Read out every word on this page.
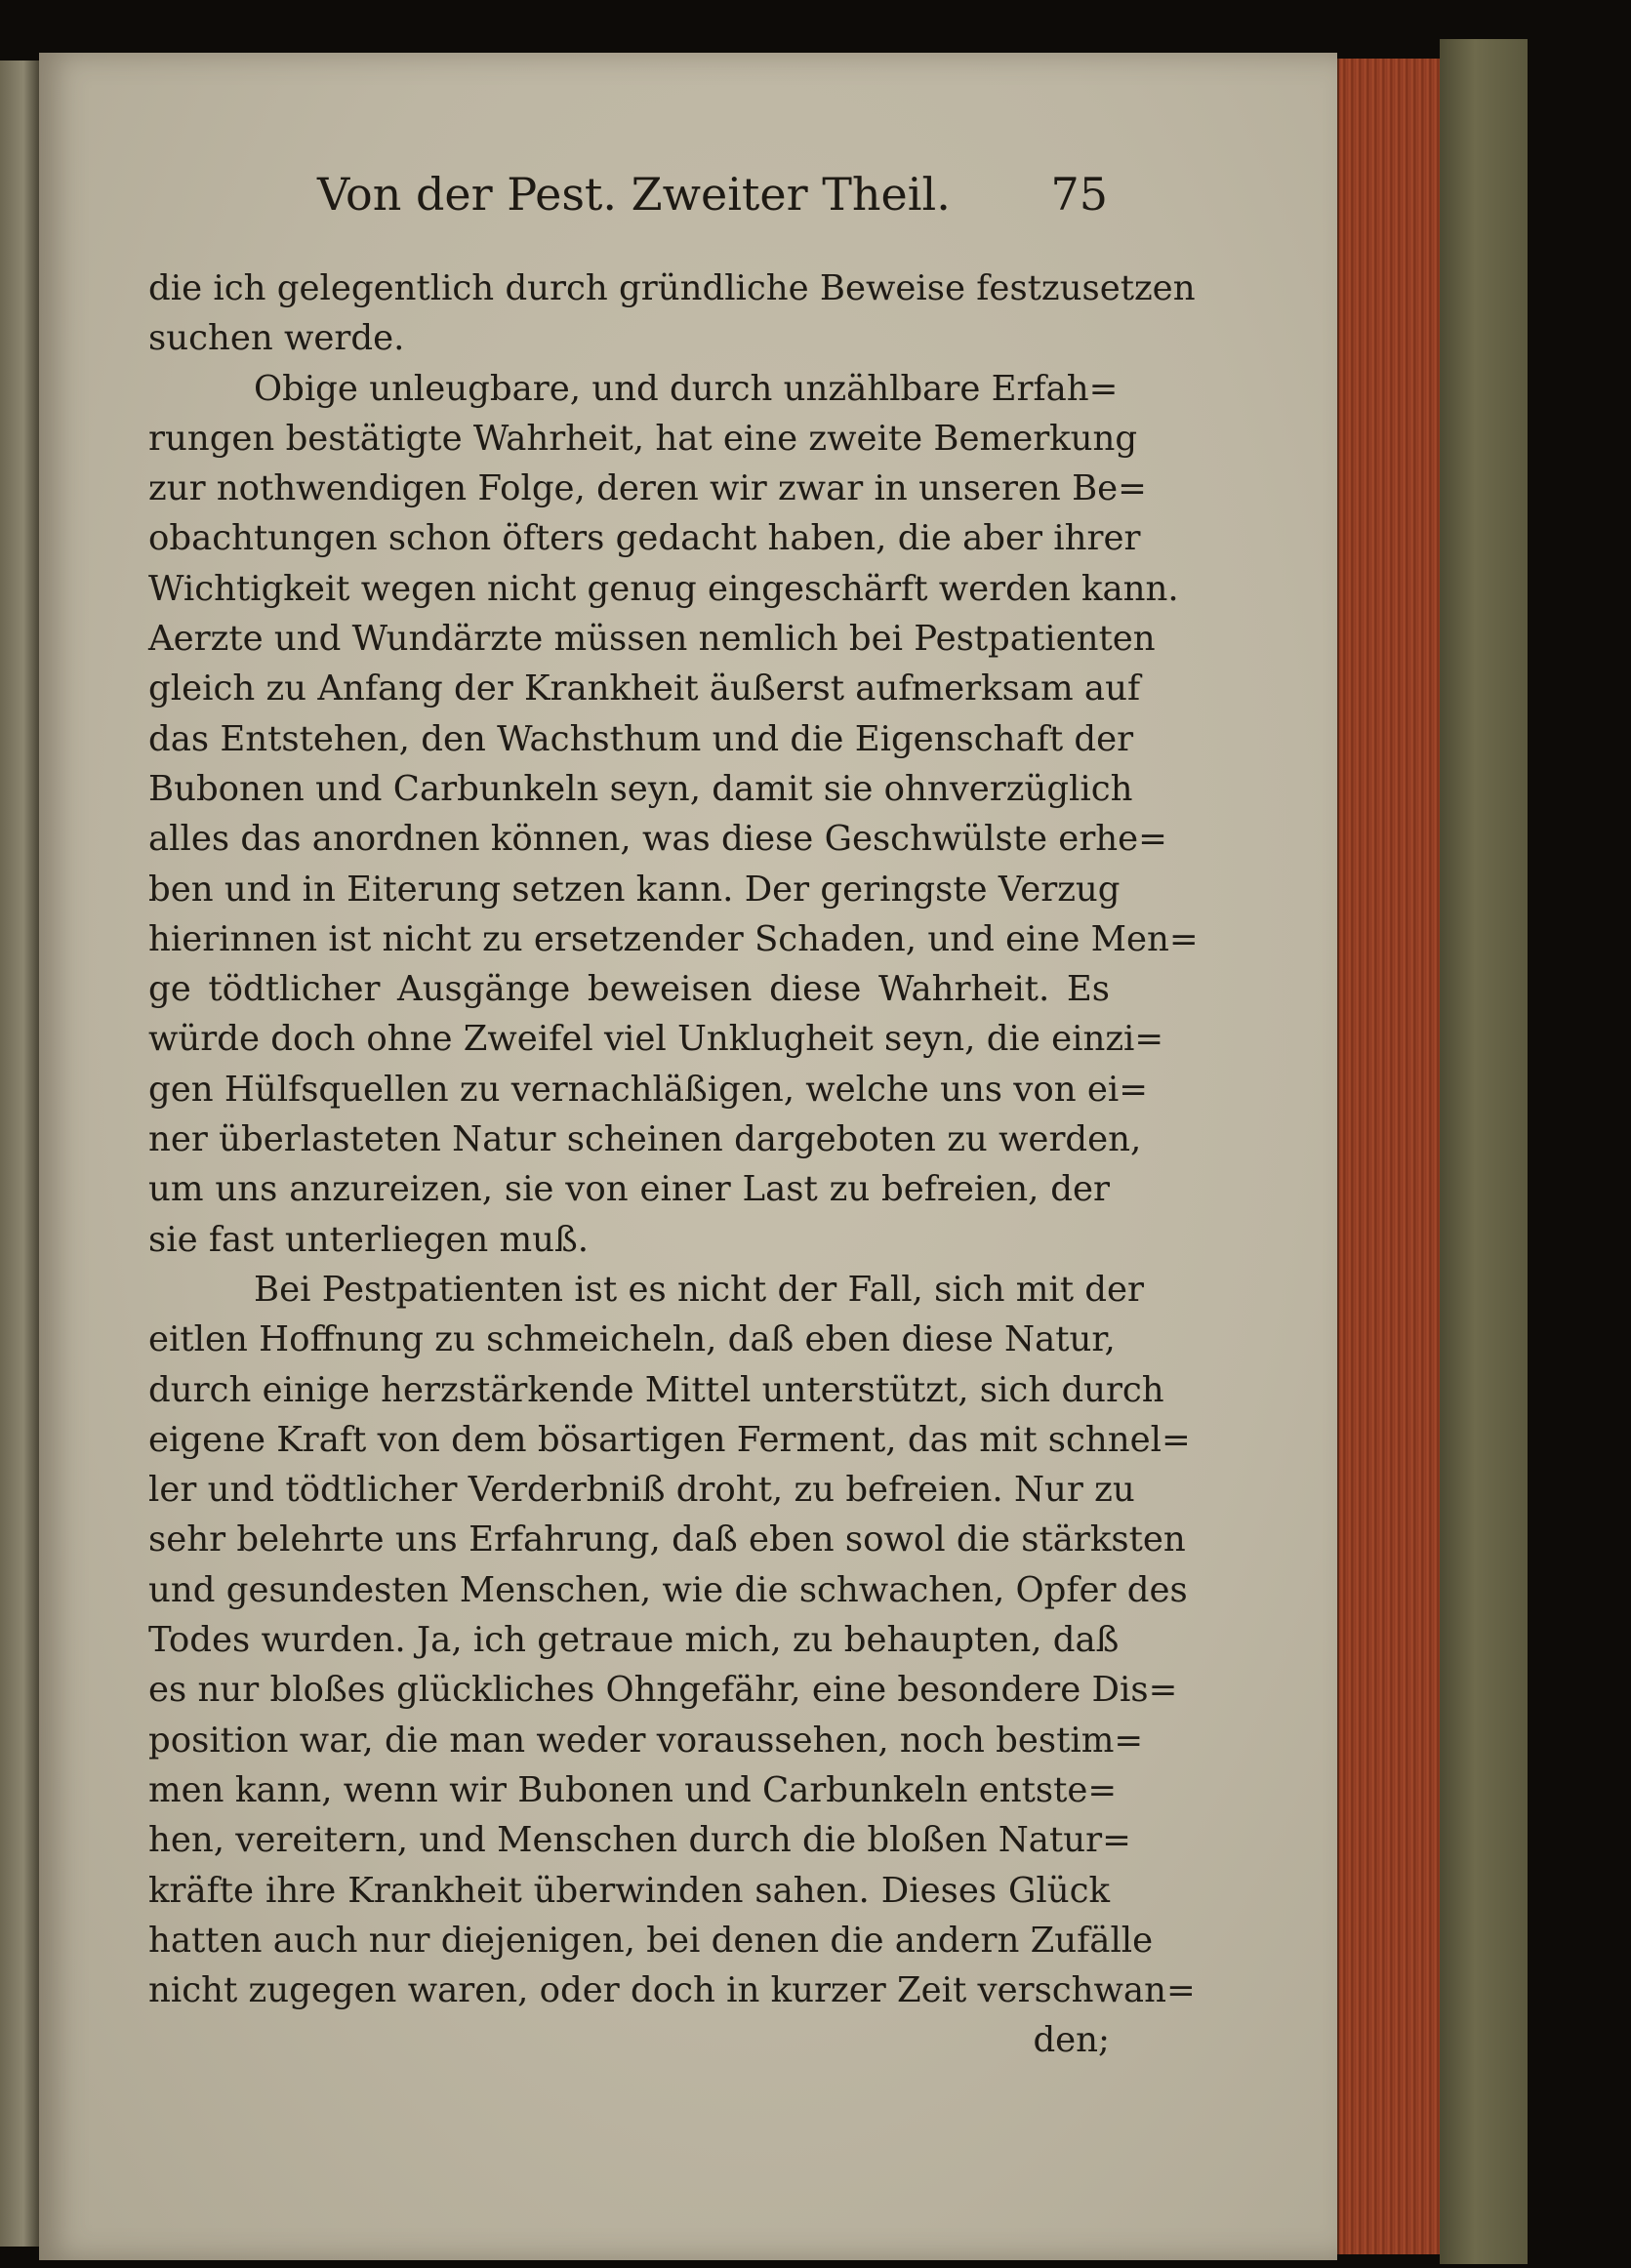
Von der Pest. Zweiter Theil. 75
die ich gelegentlich durch gründliche Beweise festzusetzen
suchen werde.
Obige unleugbare, und durch unzählbare Erfah=
rungen bestätigte Wahrheit, hat eine zweite Bemerkung
zur nothwendigen Folge, deren wir zwar in unseren Be=
obachtungen schon öfters gedacht haben, die aber ihrer
Wichtigkeit wegen nicht genug eingeschärft werden kann.
Aerzte und Wundärzte müssen nemlich bei Pestpatienten
gleich zu Anfang der Krankheit äußerst aufmerksam auf
das Entstehen, den Wachsthum und die Eigenschaft der
Bubonen und Carbunkeln seyn, damit sie ohnverzüglich
alles das anordnen können, was diese Geschwülste erhe=
ben und in Eiterung setzen kann. Der geringste Verzug
hierinnen ist nicht zu ersetzender Schaden, und eine Men=
ge tödtlicher Ausgänge beweisen diese Wahrheit. Es
würde doch ohne Zweifel viel Unklugheit seyn, die einzi=
gen Hülfsquellen zu vernachläßigen, welche uns von ei=
ner überlasteten Natur scheinen dargeboten zu werden,
um uns anzureizen, sie von einer Last zu befreien, der
sie fast unterliegen muß.
Bei Pestpatienten ist es nicht der Fall, sich mit der
eitlen Hoffnung zu schmeicheln, daß eben diese Natur,
durch einige herzstärkende Mittel unterstützt, sich durch
eigene Kraft von dem bösartigen Ferment, das mit schnel=
ler und tödtlicher Verderbniß droht, zu befreien. Nur zu
sehr belehrte uns Erfahrung, daß eben sowol die stärksten
und gesundesten Menschen, wie die schwachen, Opfer des
Todes wurden. Ja, ich getraue mich, zu behaupten, daß
es nur bloßes glückliches Ohngefähr, eine besondere Dis=
position war, die man weder voraussehen, noch bestim=
men kann, wenn wir Bubonen und Carbunkeln entste=
hen, vereitern, und Menschen durch die bloßen Natur=
kräfte ihre Krankheit überwinden sahen. Dieses Glück
hatten auch nur diejenigen, bei denen die andern Zufälle
nicht zugegen waren, oder doch in kurzer Zeit verschwan=
den;
